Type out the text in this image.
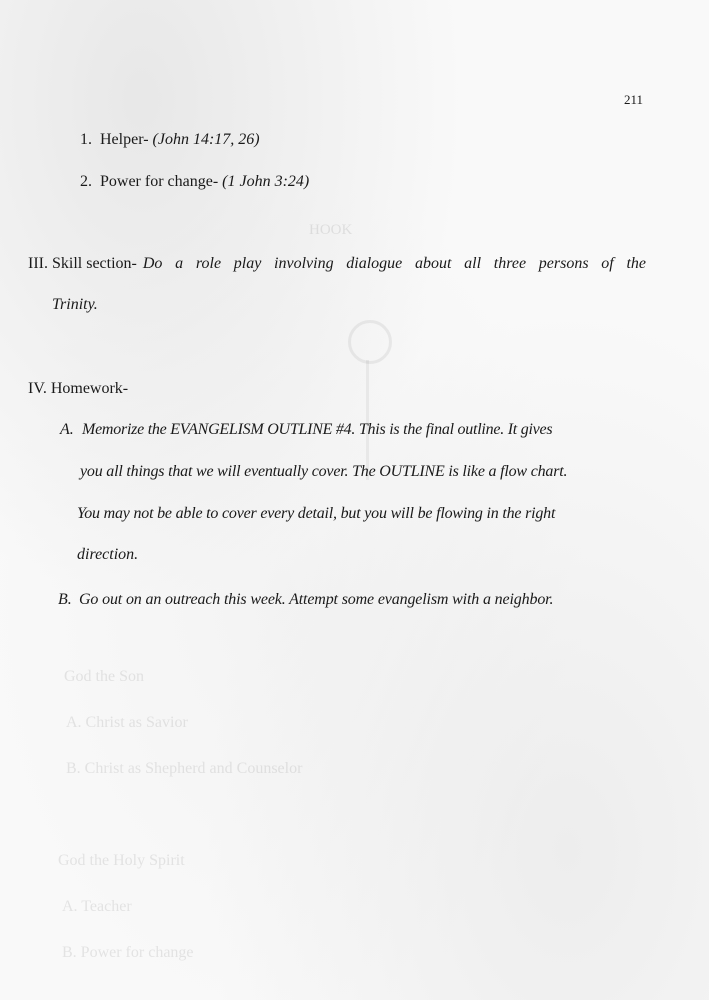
HOOK
God the Son
A. Christ as Savior
B. Christ as Shepherd and Counselor
God the Holy Spirit
A. Teacher
B. Power for change
211
1. Helper- (John 14:17, 26)
2. Power for change- (1 John 3:24)
III. Skill section- Do a role play involving dialogue about all three persons of the
Trinity.
IV. Homework-
A. Memorize the EVANGELISM OUTLINE #4. This is the final outline. It gives
you all things that we will eventually cover. The OUTLINE is like a flow chart.
You may not be able to cover every detail, but you will be flowing in the right
direction.
B. Go out on an outreach this week. Attempt some evangelism with a neighbor.
